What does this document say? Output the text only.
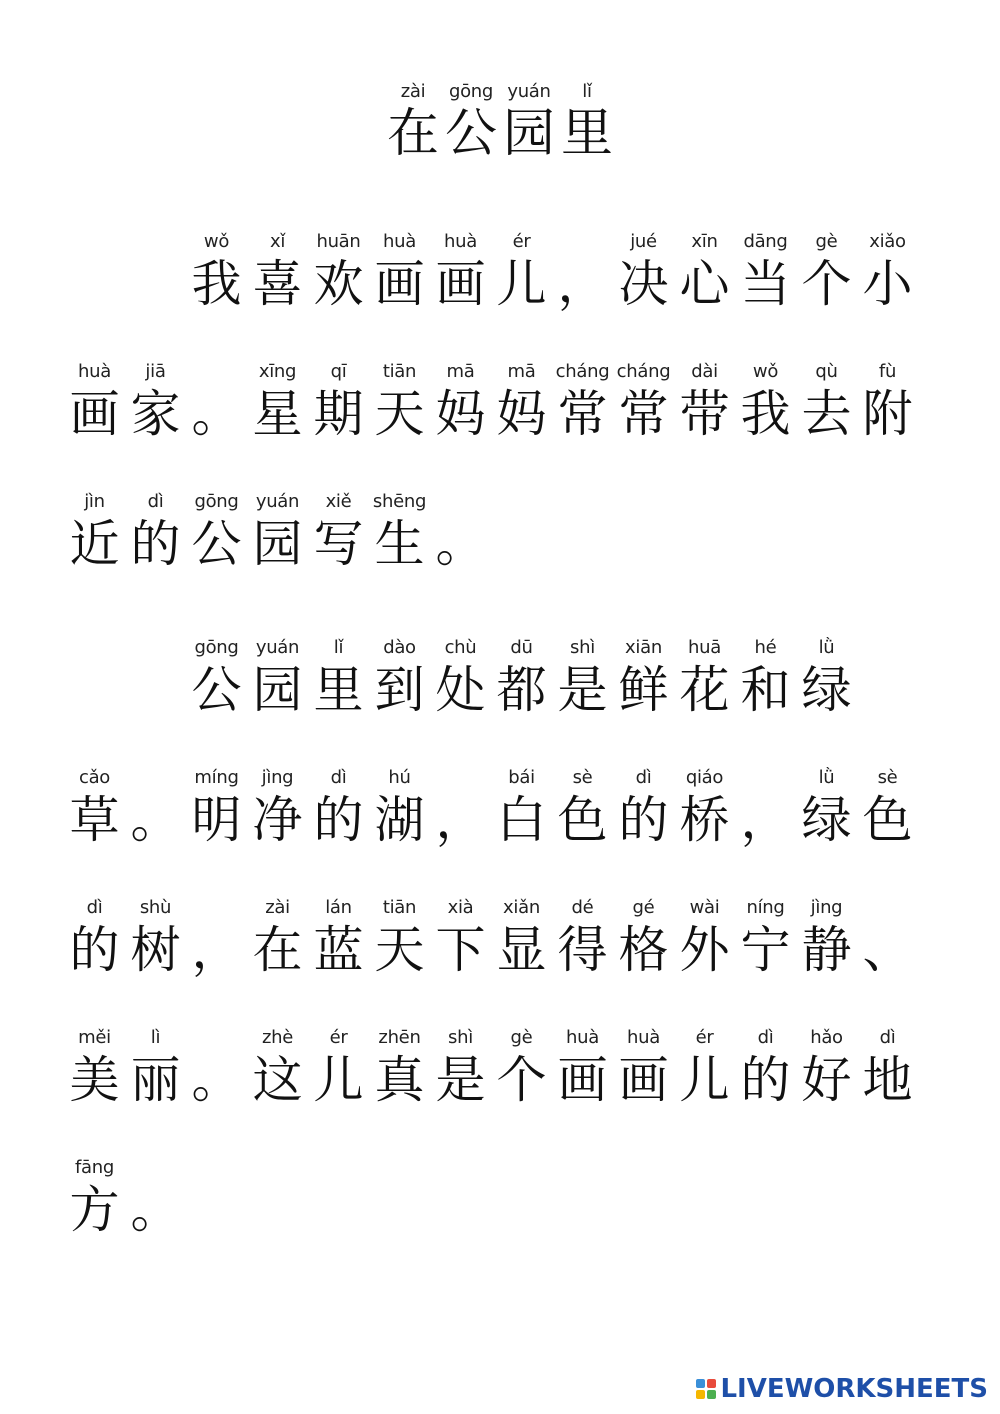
zài
在
gōng
公
yuán
园
lǐ
里
wǒ
我
xǐ
喜
huān
欢
huà
画
huà
画
ér
儿 ，
jué
决
xīn
心
dāng
当
gè
个
xiǎo
小
huà
画
jiā
家 。
xīng
星
qī
期
tiān
天
mā
妈
mā
妈
cháng
常
cháng
常
dài
带
wǒ
我
qù
去
fù
附
jìn
近
dì
的
gōng
公
yuán
园
xiě
写
shēng
生 。
gōng
公
yuán
园
lǐ
里
dào
到
chù
处
dū
都
shì
是
xiān
鲜
huā
花
hé
和
lǜ
绿
cǎo
草 。
míng
明
jìng
净
dì
的
hú
湖 ，
bái
白
sè
色
dì
的
qiáo
桥 ，
lǜ
绿
sè
色
dì
的
shù
树 ，
zài
在
lán
蓝
tiān
天
xià
下
xiǎn
显
dé
得
gé
格
wài
外
níng
宁
jìng
静 、
měi
美
lì
丽 。
zhè
这
ér
儿
zhēn
真
shì
是
gè
个
huà
画
huà
画
ér
儿
dì
的
hǎo
好
dì
地
fāng
方 。
LIVEWORKSHEETS
